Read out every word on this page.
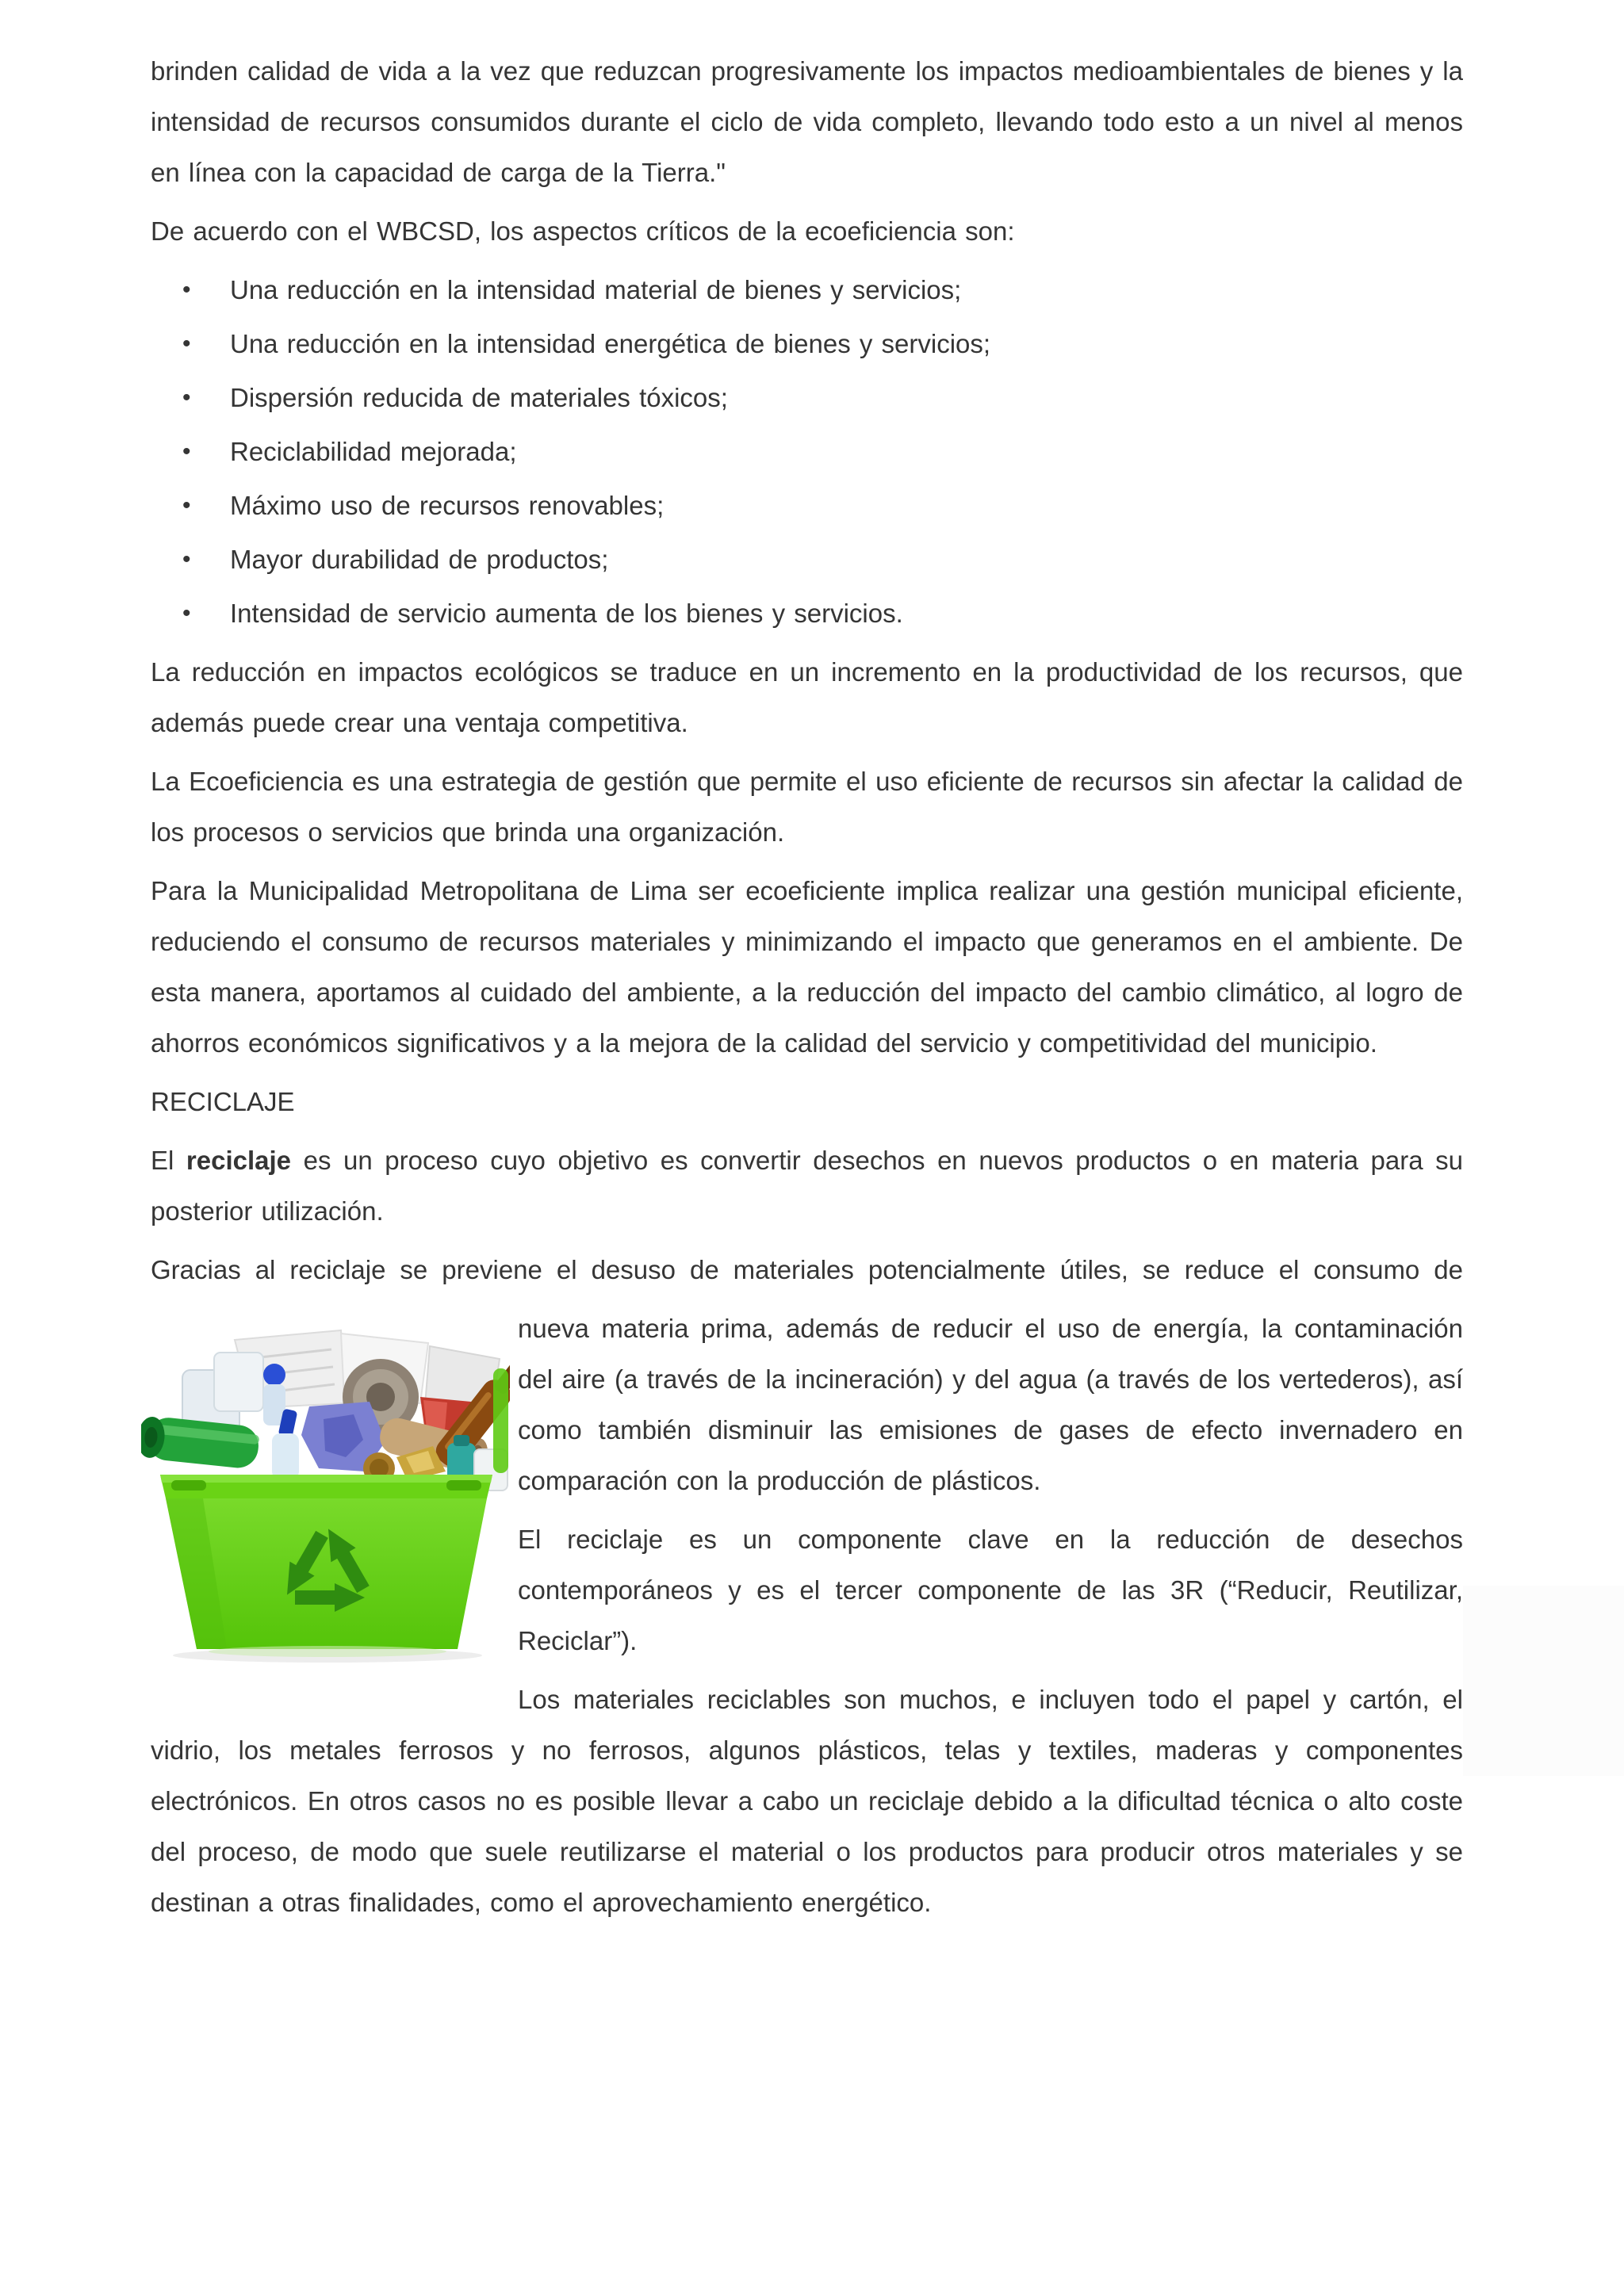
brinden calidad de vida a la vez que reduzcan progresivamente los impactos medioambientales de bienes y la intensidad de recursos consumidos durante el ciclo de vida completo, llevando todo esto a un nivel al menos en línea con la capacidad de carga de la Tierra."

De acuerdo con el WBCSD, los aspectos críticos de la ecoeficiencia son:

• Una reducción en la intensidad material de bienes y servicios;
• Una reducción en la intensidad energética de bienes y servicios;
• Dispersión reducida de materiales tóxicos;
• Reciclabilidad mejorada;
• Máximo uso de recursos renovables;
• Mayor durabilidad de productos;
• Intensidad de servicio aumenta de los bienes y servicios.

La reducción en impactos ecológicos se traduce en un incremento en la productividad de los recursos, que además puede crear una ventaja competitiva.

La Ecoeficiencia es una estrategia de gestión que permite el uso eficiente de recursos sin afectar la calidad de los procesos o servicios que brinda una organización.

Para la Municipalidad Metropolitana de Lima ser ecoeficiente implica realizar una gestión municipal eficiente, reduciendo el consumo de recursos materiales y minimizando el impacto que generamos en el ambiente. De esta manera, aportamos al cuidado del ambiente, a la reducción del impacto del cambio climático, al logro de ahorros económicos significativos y a la mejora de la calidad del servicio y competitividad del municipio.

RECICLAJE

El reciclaje es un proceso cuyo objetivo es convertir desechos en nuevos productos o en materia para su posterior utilización.

Gracias al reciclaje se previene el desuso de materiales potencialmente útiles, se reduce el consumo de

nueva materia prima, además de reducir el uso de energía, la contaminación del aire (a través de la incineración) y del agua (a través de los vertederos), así como también disminuir las emisiones de gases de efecto invernadero en comparación con la producción de plásticos.

El reciclaje es un componente clave en la reducción de desechos contemporáneos y es el tercer componente de las 3R (“Reducir, Reutilizar, Reciclar”).

Los materiales reciclables son muchos, e incluyen todo el papel y cartón, el vidrio, los metales ferrosos y no ferrosos, algunos plásticos, telas y textiles, maderas y componentes electrónicos. En otros casos no es posible llevar a cabo un reciclaje debido a la dificultad técnica o alto coste del proceso, de modo que suele reutilizarse el material o los productos para producir otros materiales y se destinan a otras finalidades, como el aprovechamiento energético.
